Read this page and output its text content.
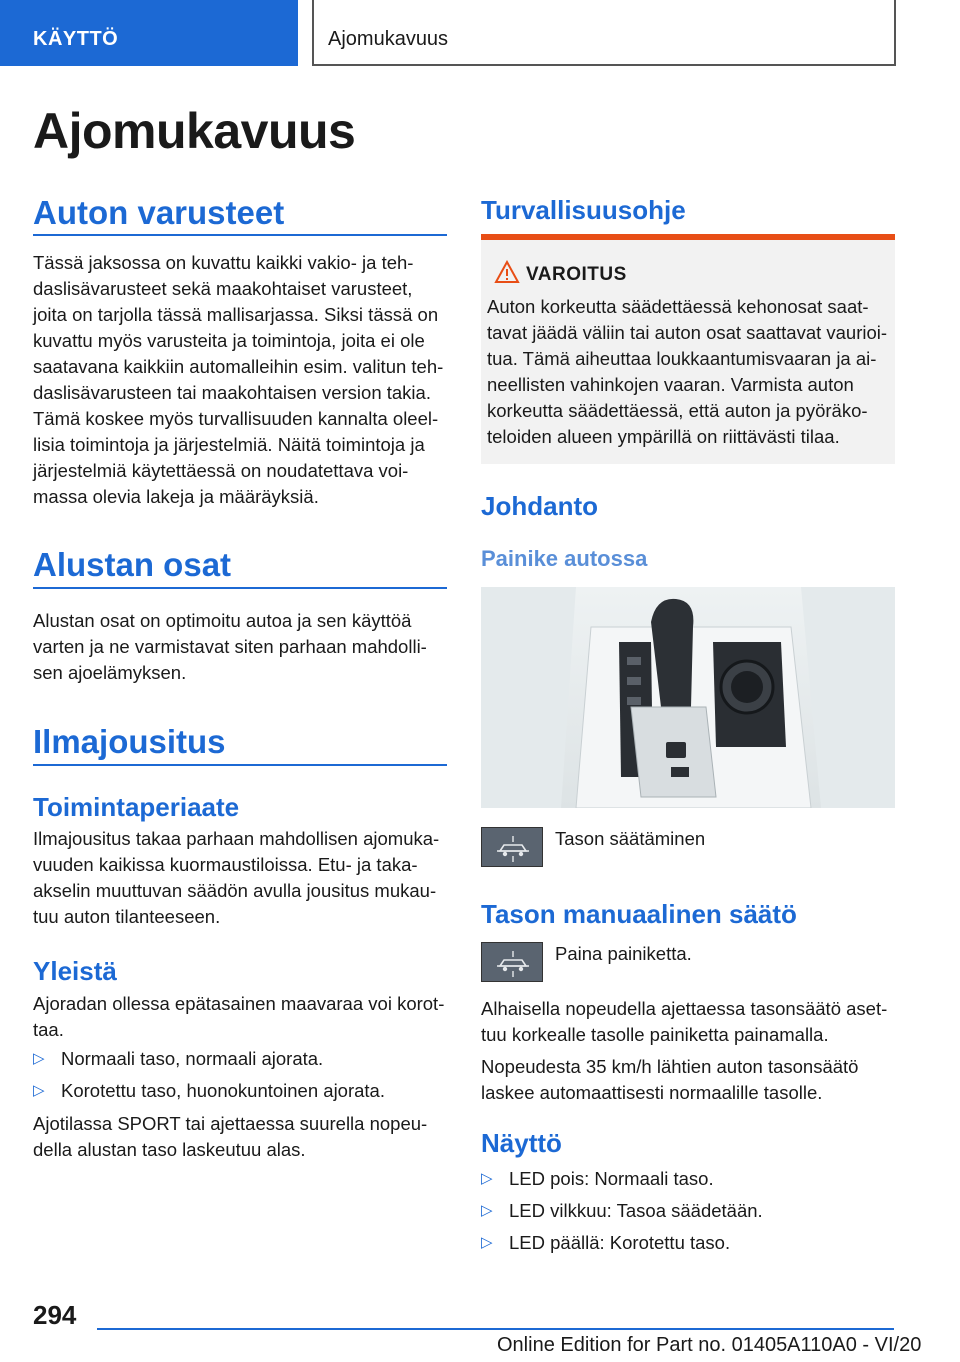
KÄYTTÖ	Ajomukavuus
Ajomukavuus
Auton varusteet
Tässä jaksossa on kuvattu kaikki vakio- ja teh-
daslisävarusteet sekä maakohtaiset varusteet,
joita on tarjolla tässä mallisarjassa. Siksi tässä on
kuvattu myös varusteita ja toimintoja, joita ei ole
saatavana kaikkiin automalleihin esim. valitun teh-
daslisävarusteen tai maakohtaisen version takia.
Tämä koskee myös turvallisuuden kannalta oleel-
lisia toimintoja ja järjestelmiä. Näitä toimintoja ja
järjestelmiä käytettäessä on noudatettava voi-
massa olevia lakeja ja määräyksiä.
Alustan osat
Alustan osat on optimoitu autoa ja sen käyttöä
varten ja ne varmistavat siten parhaan mahdolli-
sen ajoelämyksen.
Ilmajousitus
Toimintaperiaate
Ilmajousitus takaa parhaan mahdollisen ajomuka-
vuuden kaikissa kuormaustiloissa. Etu- ja taka-
akselin muuttuvan säädön avulla jousitus mukau-
tuu auton tilanteeseen.
Yleistä
Ajoradan ollessa epätasainen maavaraa voi korot-
taa.
▷ Normaali taso, normaali ajorata.
▷ Korotettu taso, huonokuntoinen ajorata.
Ajotilassa SPORT tai ajettaessa suurella nopeu-
della alustan taso laskeutuu alas.
Turvallisuusohje
VAROITUS
Auton korkeutta säädettäessä kehonosat saat-
tavat jäädä väliin tai auton osat saattavat vaurioi-
tua. Tämä aiheuttaa loukkaantumisvaaran ja ai-
neellisten vahinkojen vaaran. Varmista auton
korkeutta säädettäessä, että auton ja pyöräko-
teloiden alueen ympärillä on riittävästi tilaa.
Johdanto
Painike autossa
Tason säätäminen
Tason manuaalinen säätö
Paina painiketta.
Alhaisella nopeudella ajettaessa tasonsäätö aset-
tuu korkealle tasolle painiketta painamalla.
Nopeudesta 35 km/h lähtien auton tasonsäätö
laskee automaattisesti normaalille tasolle.
Näyttö
▷ LED pois: Normaali taso.
▷ LED vilkkuu: Tasoa säädetään.
▷ LED päällä: Korotettu taso.
294
Online Edition for Part no. 01405A110A0 - VI/20
